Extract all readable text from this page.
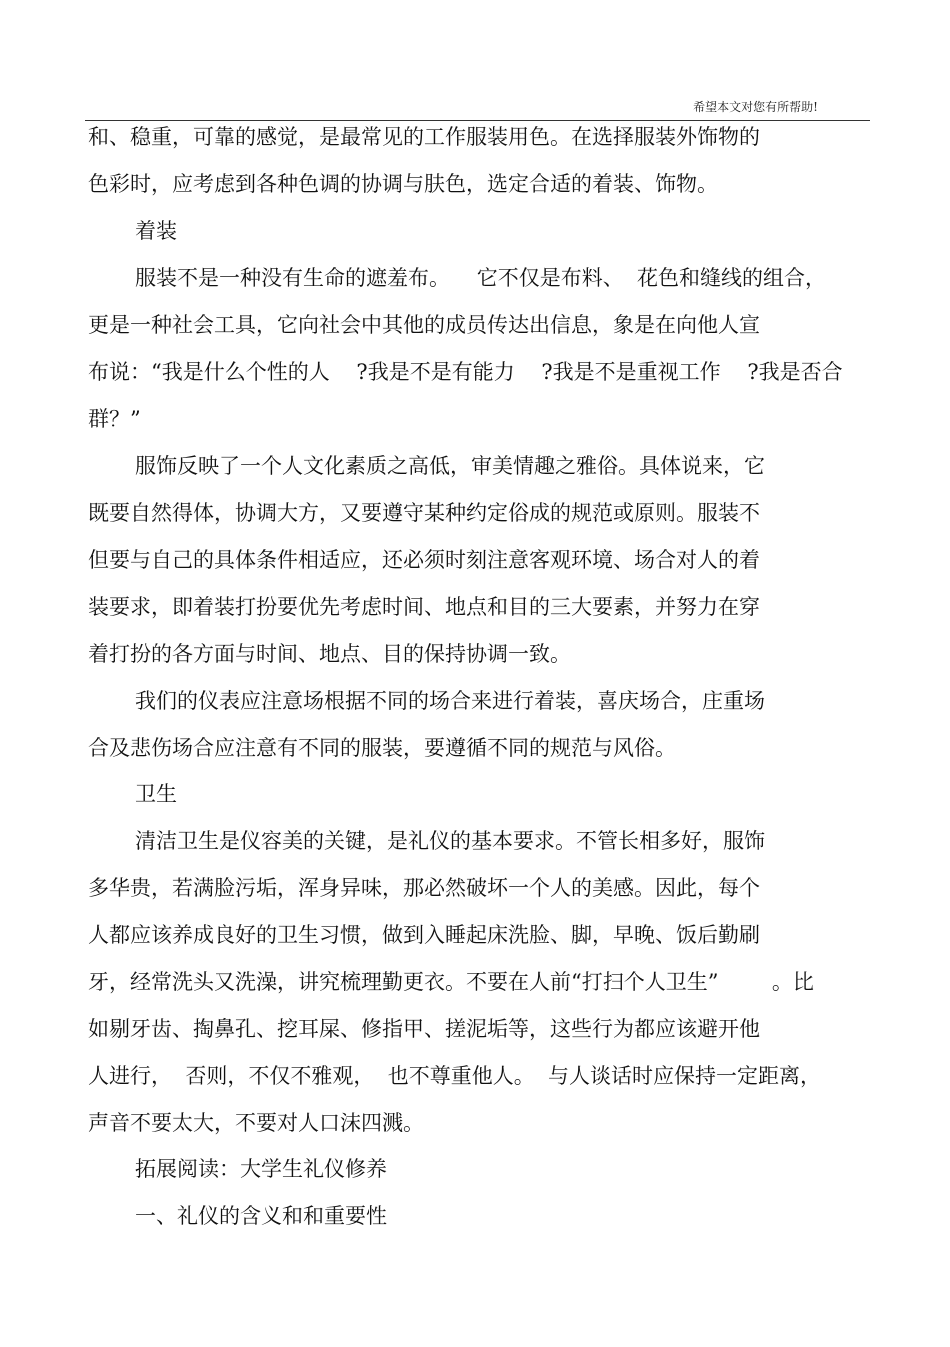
希望本文对您有所帮助!
和、稳重，可靠的感觉，是最常见的工作服装用色。在选择服装外饰物的
色彩时，应考虑到各种色调的协调与肤色，选定合适的着装、饰物。
着装
服装不是一种没有生命的遮羞布。    它不仅是布料、  花色和缝线的组合，
更是一种社会工具，它向社会中其他的成员传达出信息，象是在向他人宣
布说：“我是什么个性的人    ?我是不是有能力    ?我是不是重视工作    ?我是否合
群？”
服饰反映了一个人文化素质之高低，审美情趣之雅俗。具体说来，它
既要自然得体，协调大方，又要遵守某种约定俗成的规范或原则。服装不
但要与自己的具体条件相适应，还必须时刻注意客观环境、场合对人的着
装要求，即着装打扮要优先考虑时间、地点和目的三大要素，并努力在穿
着打扮的各方面与时间、地点、目的保持协调一致。
我们的仪表应注意场根据不同的场合来进行着装，喜庆场合，庄重场
合及悲伤场合应注意有不同的服装，要遵循不同的规范与风俗。
卫生
清洁卫生是仪容美的关键，是礼仪的基本要求。不管长相多好，服饰
多华贵，若满脸污垢，浑身异味，那必然破坏一个人的美感。因此，每个
人都应该养成良好的卫生习惯，做到入睡起床洗脸、脚，早晚、饭后勤刷
牙，经常洗头又洗澡，讲究梳理勤更衣。不要在人前“打扫个人卫生”        。比
如剔牙齿、掏鼻孔、挖耳屎、修指甲、搓泥垢等，这些行为都应该避开他
人进行，  否则，不仅不雅观，  也不尊重他人。  与人谈话时应保持一定距离，
声音不要太大，不要对人口沫四溅。
拓展阅读：大学生礼仪修养
一、礼仪的含义和和重要性
